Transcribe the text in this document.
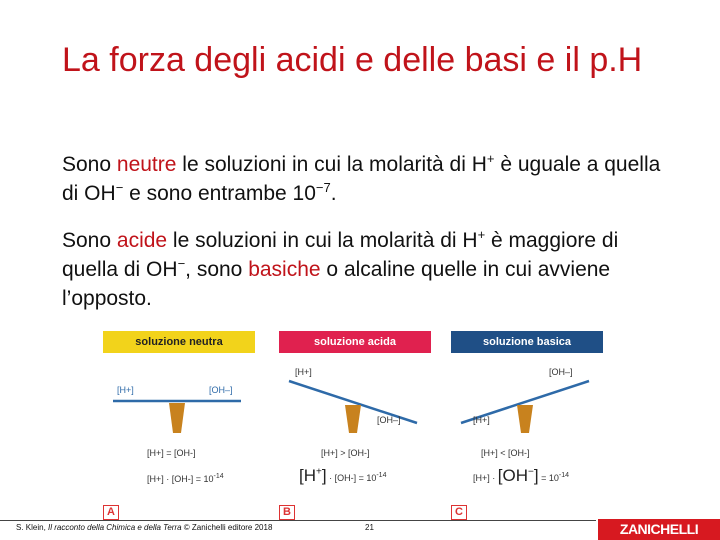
La forza degli acidi e delle basi e il p.H

Sono neutre le soluzioni in cui la molarità di H+ è uguale a quella di OH− e sono entrambe $10^{-7}$.

Sono acide le soluzioni in cui la molarità di H+ è maggiore di quella di OH−, sono basiche o alcaline quelle in cui avviene l’opposto.

soluzione neutra
[H+]	[OH–]
[H+] = [OH-]
$[H+] \cdot [OH-] = 10^{-14}$
A
soluzione acida
[H+]
[OH–]
[H+] > [OH-]
$[H^+] \cdot [OH-] = 10^{-14}$
B
soluzione basica
[H+]
[OH–]
[H+] < [OH-]
$[H+] \cdot [OH^-] = 10^{-14}$
C
S. Klein, Il racconto della Chimica e della Terra © Zanichelli editore 2018	21	ZANICHELLI
